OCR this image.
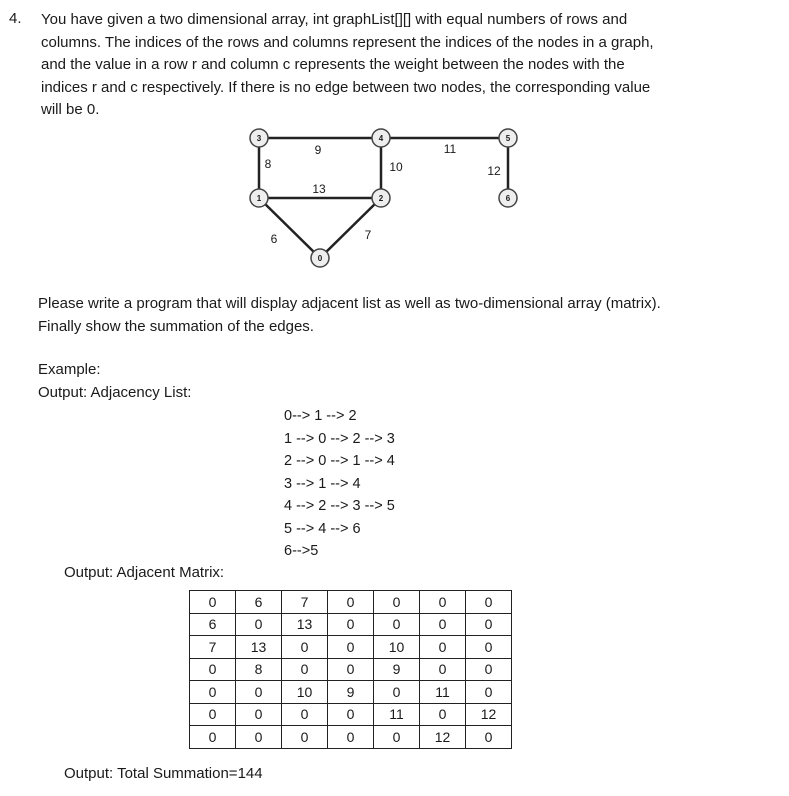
4. You have given a two dimensional array, int graphList[][] with equal numbers of rows and
columns. The indices of the rows and columns represent the indices of the nodes in a graph,
and the value in a row r and column c represents the weight between the nodes with the
indices r and c respectively. If there is no edge between two nodes, the corresponding value
will be 0.
9
8
13
10
11
12
6	7
0
1	2
3	4	5
6
Please write a program that will display adjacent list as well as two-dimensional array (matrix).
Finally show the summation of the edges.
Example:
Output: Adjacency List:
0--> 1 --> 2
1 --> 0 --> 2 --> 3
2 --> 0 --> 1 --> 4
3 --> 1 --> 4
4 --> 2 --> 3 --> 5
5 --> 4 --> 6
6-->5
Output: Adjacent Matrix:
0	6	7	0	0	0	0
6	0	13	0	0	0	0
7	13	0	0	10	0	0
0	8	0	0	9	0	0
0	0	10	9	0	11	0
0	0	0	0	11	0	12
0	0	0	0	0	12	0
Output: Total Summation=144
